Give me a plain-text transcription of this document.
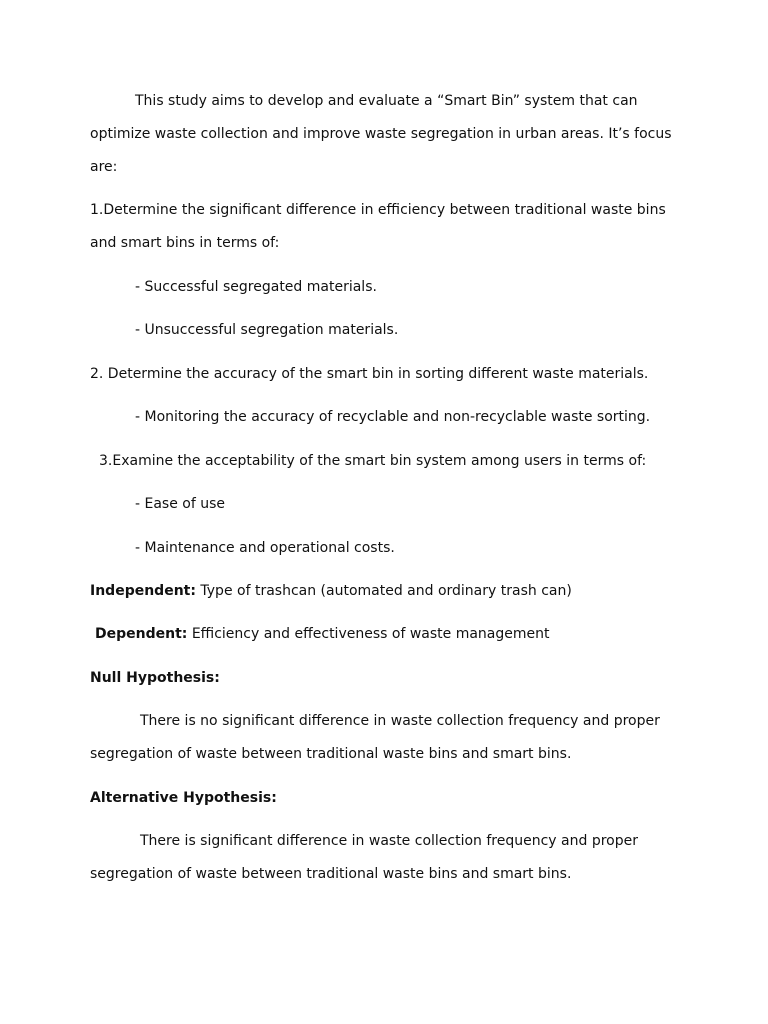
This study aims to develop and evaluate a “Smart Bin” system that can

optimize waste collection and improve waste segregation in urban areas. It’s focus

are:

1.Determine the significant difference in efficiency between traditional waste bins

and smart bins in terms of:

- Successful segregated materials.

- Unsuccessful segregation materials.

2. Determine the accuracy of the smart bin in sorting different waste materials.

- Monitoring the accuracy of recyclable and non-recyclable waste sorting.

3.Examine the acceptability of the smart bin system among users in terms of:

- Ease of use

- Maintenance and operational costs.

Independent: Type of trashcan (automated and ordinary trash can)

Dependent: Efficiency and effectiveness of waste management

Null Hypothesis:

There is no significant difference in waste collection frequency and proper

segregation of waste between traditional waste bins and smart bins.

Alternative Hypothesis:

There is significant difference in waste collection frequency and proper

segregation of waste between traditional waste bins and smart bins.
